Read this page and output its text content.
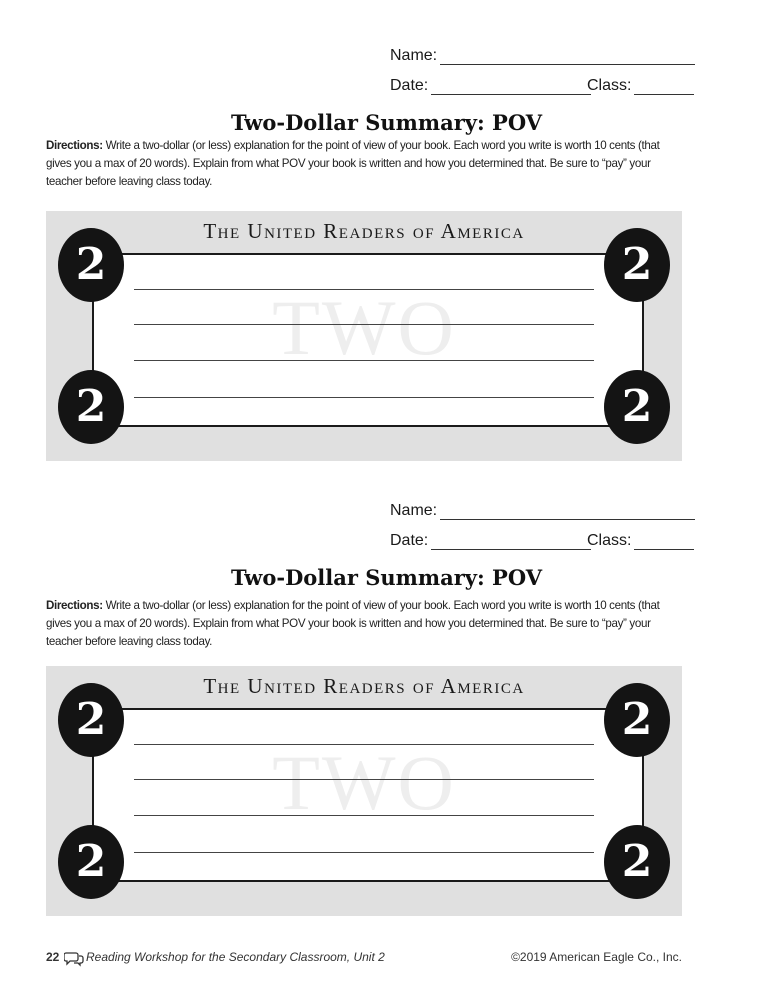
Name:
Date:	Class:
Two-Dollar Summary: POV
Directions: Write a two-dollar (or less) explanation for the point of view of your book. Each word you write is worth 10 cents (that gives you a max of 20 words). Explain from what POV your book is written and how you determined that. Be sure to “pay” your teacher before leaving class today.
TWO
The United Readers of America
2	2
2	2
Name:
Date:	Class:
Two-Dollar Summary: POV
Directions: Write a two-dollar (or less) explanation for the point of view of your book. Each word you write is worth 10 cents (that gives you a max of 20 words). Explain from what POV your book is written and how you determined that. Be sure to “pay” your teacher before leaving class today.
TWO
The United Readers of America
2	2
2	2
22 Reading Workshop for the Secondary Classroom, Unit 2	©2019 American Eagle Co., Inc.
